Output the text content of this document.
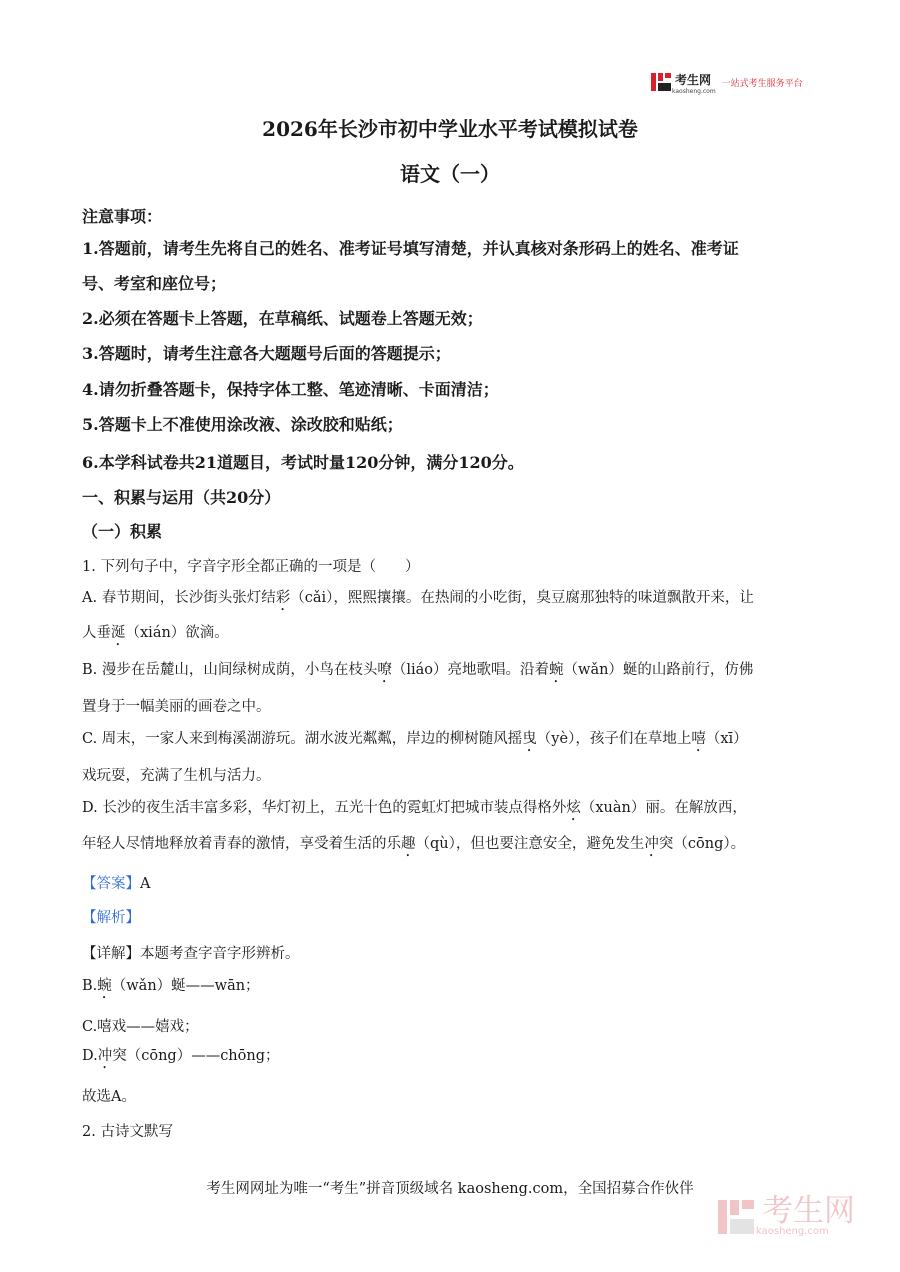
考生网
kaosheng.com
一站式考生服务平台
2026年长沙市初中学业水平考试模拟试卷
语文（一）
注意事项：
1.答题前，请考生先将自己的姓名、准考证号填写清楚，并认真核对条形码上的姓名、准考证
号、考室和座位号；
2.必须在答题卡上答题，在草稿纸、试题卷上答题无效；
3.答题时，请考生注意各大题题号后面的答题提示；
4.请勿折叠答题卡，保持字体工整、笔迹清晰、卡面清洁；
5.答题卡上不准使用涂改液、涂改胶和贴纸；
6.本学科试卷共21道题目，考试时量120分钟，满分120分。
一、积累与运用（共20分）
（一）积累
1. 下列句子中，字音字形全都正确的一项是（　　）
A. 春节期间，长沙街头张灯结彩（cǎi），熙熙攘攘。在热闹的小吃街，臭豆腐那独特的味道飘散开来，让
人垂涎（xián）欲滴。
B. 漫步在岳麓山，山间绿树成荫，小鸟在枝头嘹（liáo）亮地歌唱。沿着蜿（wǎn）蜒的山路前行，仿佛
置身于一幅美丽的画卷之中。
C. 周末，一家人来到梅溪湖游玩。湖水波光粼粼，岸边的柳树随风摇曳（yè），孩子们在草地上嘻（xī）
戏玩耍，充满了生机与活力。
D. 长沙的夜生活丰富多彩，华灯初上，五光十色的霓虹灯把城市装点得格外炫（xuàn）丽。在解放西，
年轻人尽情地释放着青春的激情，享受着生活的乐趣（qù），但也要注意安全，避免发生冲突（cōng）。
【答案】A
【解析】
【详解】本题考查字音字形辨析。
B.蜿（wǎn）蜒——wān；
C.嘻戏——嬉戏；
D.冲突（cōng）——chōng；
故选A。
2. 古诗文默写
考生网网址为唯一“考生”拼音顶级域名 kaosheng.com，全国招募合作伙伴
考生网
kaosheng.com
